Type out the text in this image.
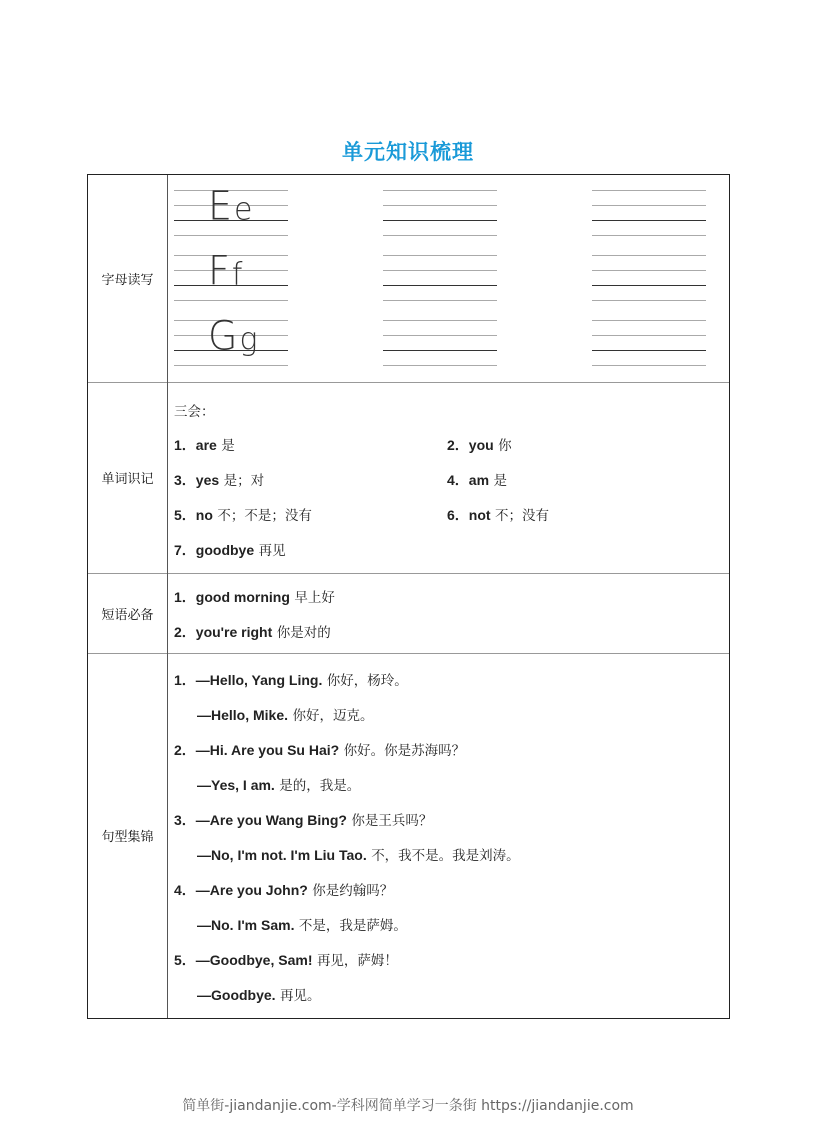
单元知识梳理
字母读写
Ee
Ff
Gg
单词识记
三会：
1．are 是	2．you 你
3．yes 是；对	4．am 是
5．no 不；不是；没有	6．not 不；没有
7．goodbye 再见
短语必备
1．good morning 早上好
2．you're right 你是对的
句型集锦
1．—Hello, Yang Ling. 你好，杨玲。
—Hello, Mike. 你好，迈克。
2．—Hi. Are you Su Hai? 你好。你是苏海吗？
—Yes, I am. 是的，我是。
3．—Are you Wang Bing? 你是王兵吗？
—No, I'm not. I'm Liu Tao. 不，我不是。我是刘涛。
4．—Are you John? 你是约翰吗？
—No. I'm Sam. 不是，我是萨姆。
5．—Goodbye, Sam! 再见，萨姆！
—Goodbye. 再见。
简单街-jiandanjie.com-学科网简单学习一条街 https://jiandanjie.com
